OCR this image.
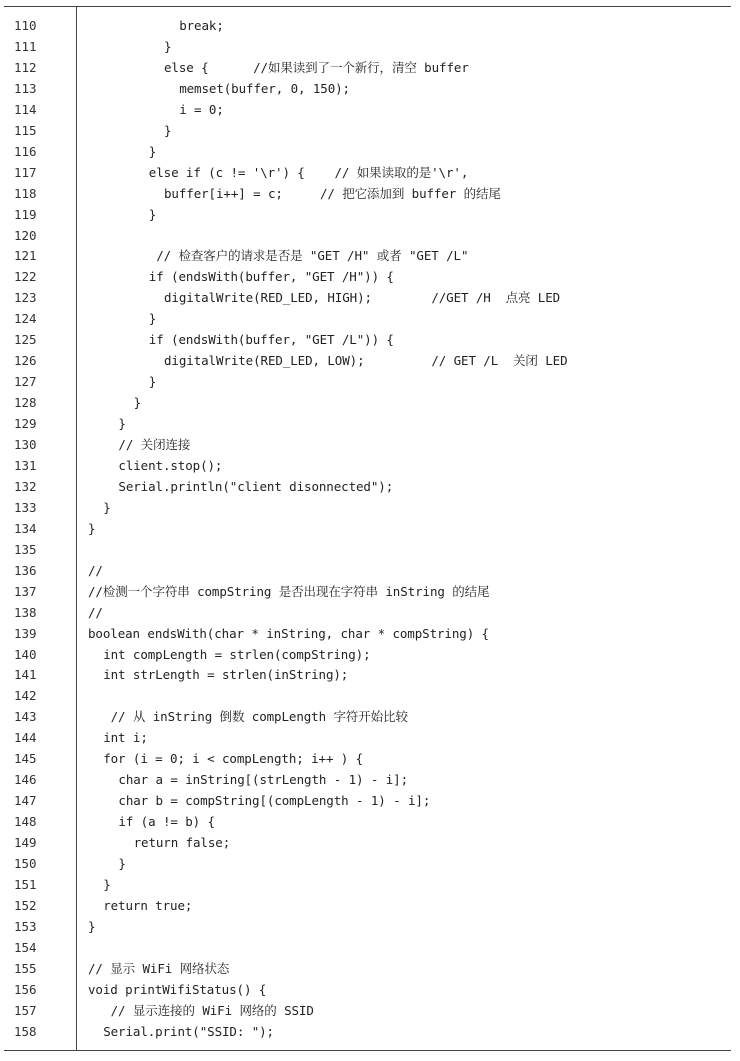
110	break;
111	}
112	else {      //如果读到了一个新行，清空 buffer
113	memset(buffer, 0, 150);
114	i = 0;
115	}
116	}
117	else if (c != '\r') {    // 如果读取的是'\r',
118	buffer[i++] = c;     // 把它添加到 buffer 的结尾
119	}
120
121	// 检查客户的请求是否是 "GET /H" 或者 "GET /L"
122	if (endsWith(buffer, "GET /H")) {
123	digitalWrite(RED_LED, HIGH);        //GET /H  点亮 LED
124	}
125	if (endsWith(buffer, "GET /L")) {
126	digitalWrite(RED_LED, LOW);         // GET /L  关闭 LED
127	}
128	}
129	}
130	// 关闭连接
131	client.stop();
132	Serial.println("client disonnected");
133	}
134	}
135
136	//
137	//检测一个字符串 compString 是否出现在字符串 inString 的结尾
138	//
139	boolean endsWith(char * inString, char * compString) {
140	int compLength = strlen(compString);
141	int strLength = strlen(inString);
142
143	// 从 inString 倒数 compLength 字符开始比较
144	int i;
145	for (i = 0; i < compLength; i++ ) {
146	char a = inString[(strLength - 1) - i];
147	char b = compString[(compLength - 1) - i];
148	if (a != b) {
149	return false;
150	}
151	}
152	return true;
153	}
154
155	// 显示 WiFi 网络状态
156	void printWifiStatus() {
157	// 显示连接的 WiFi 网络的 SSID
158	Serial.print("SSID: ");
